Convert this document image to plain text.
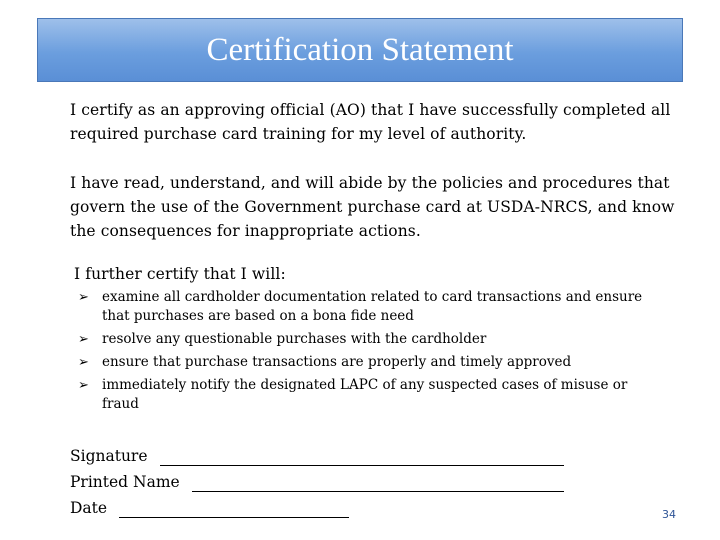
Certification Statement

I certify as an approving official (AO) that I have successfully completed all required purchase card training for my level of authority.

I have read, understand, and will abide by the policies and procedures that govern the use of the Government purchase card at USDA-NRCS, and know the consequences for inappropriate actions.

I further certify that I will:

➢ examine all cardholder documentation related to card transactions and ensure that purchases are based on a bona fide need
➢ resolve any questionable purchases with the cardholder
➢ ensure that purchase transactions are properly and timely approved
➢ immediately notify the designated LAPC of any suspected cases of misuse or fraud
Signature
Printed Name
Date	34
